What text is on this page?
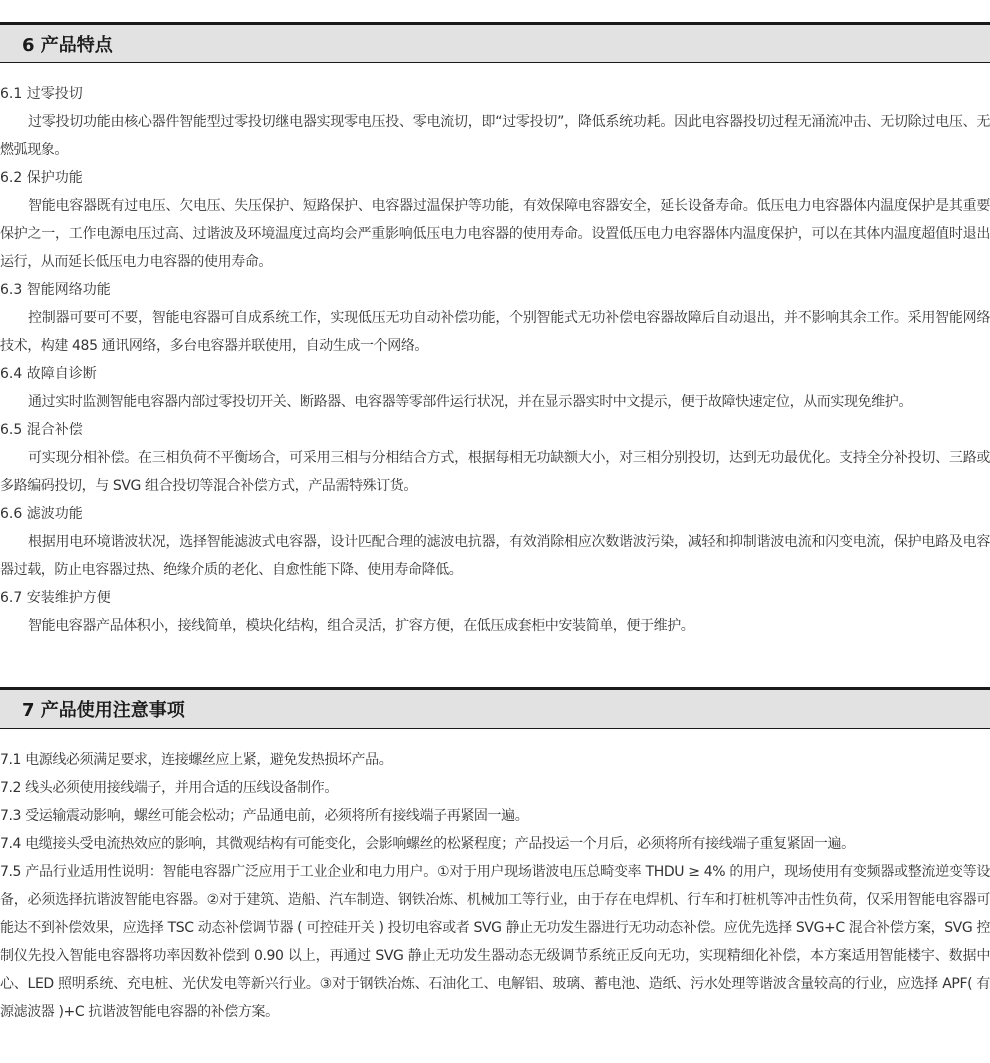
6 产品特点
6.1 过零投切

过零投切功能由核心器件智能型过零投切继电器实现零电压投、零电流切，即“过零投切”，降低系统功耗。因此电容器投切过程无涌流冲击、无切除过电压、无燃弧现象。

6.2 保护功能

智能电容器既有过电压、欠电压、失压保护、短路保护、电容器过温保护等功能，有效保障电容器安全，延长设备寿命。低压电力电容器体内温度保护是其重要保护之一，工作电源电压过高、过谐波及环境温度过高均会严重影响低压电力电容器的使用寿命。设置低压电力电容器体内温度保护，可以在其体内温度超值时退出运行，从而延长低压电力电容器的使用寿命。

6.3 智能网络功能

控制器可要可不要，智能电容器可自成系统工作，实现低压无功自动补偿功能，个别智能式无功补偿电容器故障后自动退出，并不影响其余工作。采用智能网络技术，构建 485 通讯网络，多台电容器并联使用，自动生成一个网络。

6.4 故障自诊断

通过实时监测智能电容器内部过零投切开关、断路器、电容器等零部件运行状况，并在显示器实时中文提示，便于故障快速定位，从而实现免维护。

6.5 混合补偿

可实现分相补偿。在三相负荷不平衡场合，可采用三相与分相结合方式，根据每相无功缺额大小，对三相分别投切，达到无功最优化。支持全分补投切、三路或多路编码投切，与 SVG 组合投切等混合补偿方式，产品需特殊订货。

6.6 滤波功能

根据用电环境谐波状况，选择智能滤波式电容器，设计匹配合理的滤波电抗器，有效消除相应次数谐波污染，减轻和抑制谐波电流和闪变电流，保护电路及电容器过载，防止电容器过热、绝缘介质的老化、自愈性能下降、使用寿命降低。

6.7 安装维护方便

智能电容器产品体积小，接线简单，模块化结构，组合灵活，扩容方便，在低压成套柜中安装简单，便于维护。

7 产品使用注意事项

7.1 电源线必须满足要求，连接螺丝应上紧，避免发热损坏产品。

7.2 线头必须使用接线端子，并用合适的压线设备制作。

7.3 受运输震动影响，螺丝可能会松动；产品通电前，必须将所有接线端子再紧固一遍。

7.4 电缆接头受电流热效应的影响，其微观结构有可能变化，会影响螺丝的松紧程度；产品投运一个月后，必须将所有接线端子重复紧固一遍。

7.5 产品行业适用性说明：智能电容器广泛应用于工业企业和电力用户。①对于用户现场谐波电压总畸变率 THDU ≥ 4% 的用户，现场使用有变频器或整流逆变等设备，必须选择抗谐波智能电容器。②对于建筑、造船、汽车制造、钢铁冶炼、机械加工等行业，由于存在电焊机、行车和打桩机等冲击性负荷，仅采用智能电容器可能达不到补偿效果，应选择 TSC 动态补偿调节器 ( 可控硅开关 ) 投切电容或者 SVG 静止无功发生器进行无功动态补偿。应优先选择 SVG+C 混合补偿方案，SVG 控制仪先投入智能电容器将功率因数补偿到 0.90 以上，再通过 SVG 静止无功发生器动态无级调节系统正反向无功，实现精细化补偿，本方案适用智能楼宇、数据中心、LED 照明系统、充电桩、光伏发电等新兴行业。③对于钢铁冶炼、石油化工、电解铝、玻璃、蓄电池、造纸、污水处理等谐波含量较高的行业，应选择 APF( 有源滤波器 )+C 抗谐波智能电容器的补偿方案。
